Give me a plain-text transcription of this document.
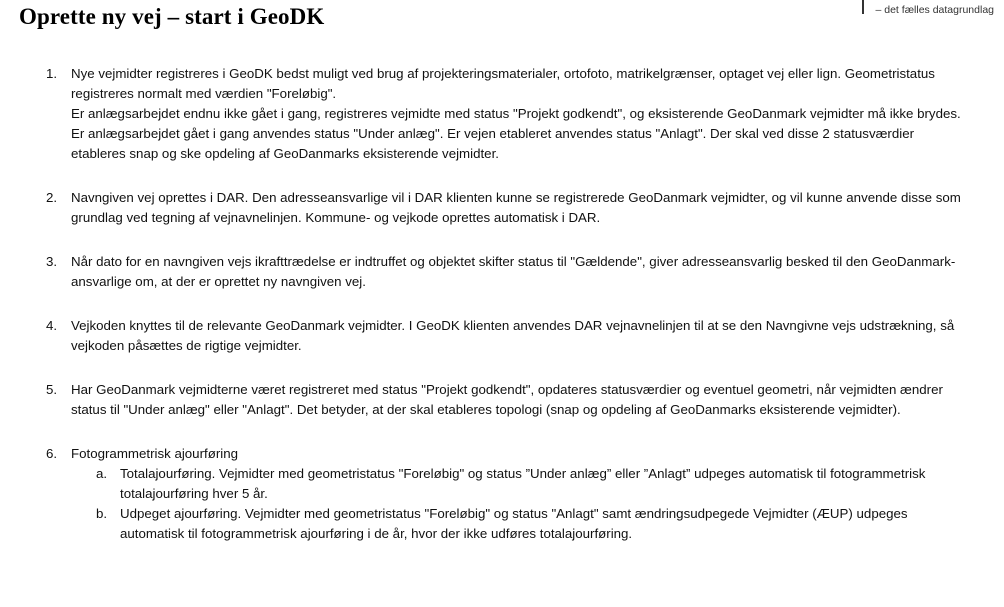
Oprette ny vej – start i GeoDK	– det fælles datagrundlag
1. Nye vejmidter registreres i GeoDK bedst muligt ved brug af projekteringsmaterialer, ortofoto, matrikelgrænser, optaget vej eller lign. Geometristatus registreres normalt med værdien "Foreløbig".
Er anlægsarbejdet endnu ikke gået i gang, registreres vejmidte med status "Projekt godkendt", og eksisterende GeoDanmark vejmidter må ikke brydes.
Er anlægsarbejdet gået i gang anvendes status "Under anlæg". Er vejen etableret anvendes status "Anlagt". Der skal ved disse 2 statusværdier etableres snap og ske opdeling af GeoDanmarks eksisterende vejmidter.
2. Navngiven vej oprettes i DAR. Den adresseansvarlige vil i DAR klienten kunne se registrerede GeoDanmark vejmidter, og vil kunne anvende disse som grundlag ved tegning af vejnavnelinjen. Kommune- og vejkode oprettes automatisk i DAR.
3. Når dato for en navngiven vejs ikrafttrædelse er indtruffet og objektet skifter status til "Gældende", giver adresseansvarlig besked til den GeoDanmark-ansvarlige om, at der er oprettet ny navngiven vej.
4. Vejkoden knyttes til de relevante GeoDanmark vejmidter. I GeoDK klienten anvendes DAR vejnavnelinjen til at se den Navngivne vejs udstrækning, så vejkoden påsættes de rigtige vejmidter.
5. Har GeoDanmark vejmidterne været registreret med status "Projekt godkendt", opdateres statusværdier og eventuel geometri, når vejmidten ændrer status til "Under anlæg" eller "Anlagt". Det betyder, at der skal etableres topologi (snap og opdeling af GeoDanmarks eksisterende vejmidter).
6. Fotogrammetrisk ajourføring
a. Totalajourføring. Vejmidter med geometristatus "Foreløbig" og status ”Under anlæg” eller ”Anlagt” udpeges automatisk til fotogrammetrisk totalajourføring hver 5 år.
b. Udpeget ajourføring. Vejmidter med geometristatus "Foreløbig" og status "Anlagt" samt ændringsudpegede Vejmidter (ÆUP) udpeges automatisk til fotogrammetrisk ajourføring i de år, hvor der ikke udføres totalajourføring.
